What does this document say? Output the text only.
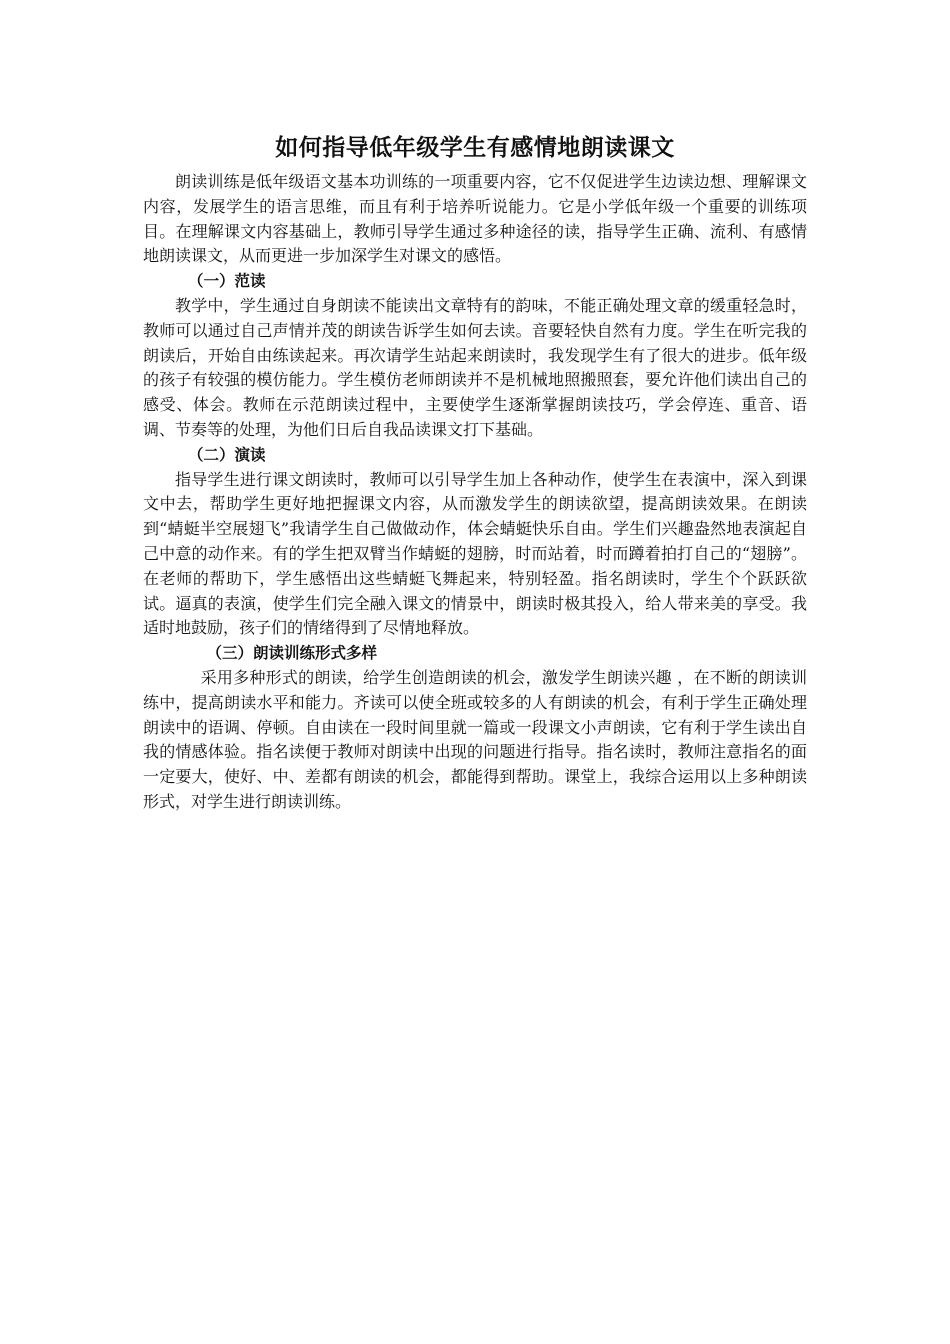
如何指导低年级学生有感情地朗读课文

朗读训练是低年级语文基本功训练的一项重要内容，它不仅促进学生边读边想、理解课文内容，发展学生的语言思维，而且有利于培养听说能力。它是小学低年级一个重要的训练项目。在理解课文内容基础上，教师引导学生通过多种途径的读，指导学生正确、流利、有感情地朗读课文，从而更进一步加深学生对课文的感悟。

（一）范读

教学中，学生通过自身朗读不能读出文章特有的韵味，不能正确处理文章的缓重轻急时，教师可以通过自己声情并茂的朗读告诉学生如何去读。音要轻快自然有力度。学生在听完我的朗读后，开始自由练读起来。再次请学生站起来朗读时，我发现学生有了很大的进步。低年级的孩子有较强的模仿能力。学生模仿老师朗读并不是机械地照搬照套，要允许他们读出自己的感受、体会。教师在示范朗读过程中，主要使学生逐渐掌握朗读技巧，学会停连、重音、语调、节奏等的处理，为他们日后自我品读课文打下基础。

（二）演读

指导学生进行课文朗读时，教师可以引导学生加上各种动作，使学生在表演中，深入到课文中去，帮助学生更好地把握课文内容，从而激发学生的朗读欲望，提高朗读效果。在朗读到“蜻蜓半空展翅飞”我请学生自己做做动作，体会蜻蜓快乐自由。学生们兴趣盎然地表演起自己中意的动作来。有的学生把双臂当作蜻蜓的翅膀，时而站着，时而蹲着拍打自己的“翅膀”。在老师的帮助下，学生感悟出这些蜻蜓飞舞起来，特别轻盈。指名朗读时，学生个个跃跃欲试。逼真的表演，使学生们完全融入课文的情景中，朗读时极其投入，给人带来美的享受。我适时地鼓励，孩子们的情绪得到了尽情地释放。

（三）朗读训练形式多样

采用多种形式的朗读，给学生创造朗读的机会，激发学生朗读兴趣 ，在不断的朗读训练中，提高朗读水平和能力。齐读可以使全班或较多的人有朗读的机会，有利于学生正确处理朗读中的语调、停顿。自由读在一段时间里就一篇或一段课文小声朗读，它有利于学生读出自我的情感体验。指名读便于教师对朗读中出现的问题进行指导。指名读时，教师注意指名的面一定要大，使好、中、差都有朗读的机会，都能得到帮助。课堂上，我综合运用以上多种朗读形式，对学生进行朗读训练。
